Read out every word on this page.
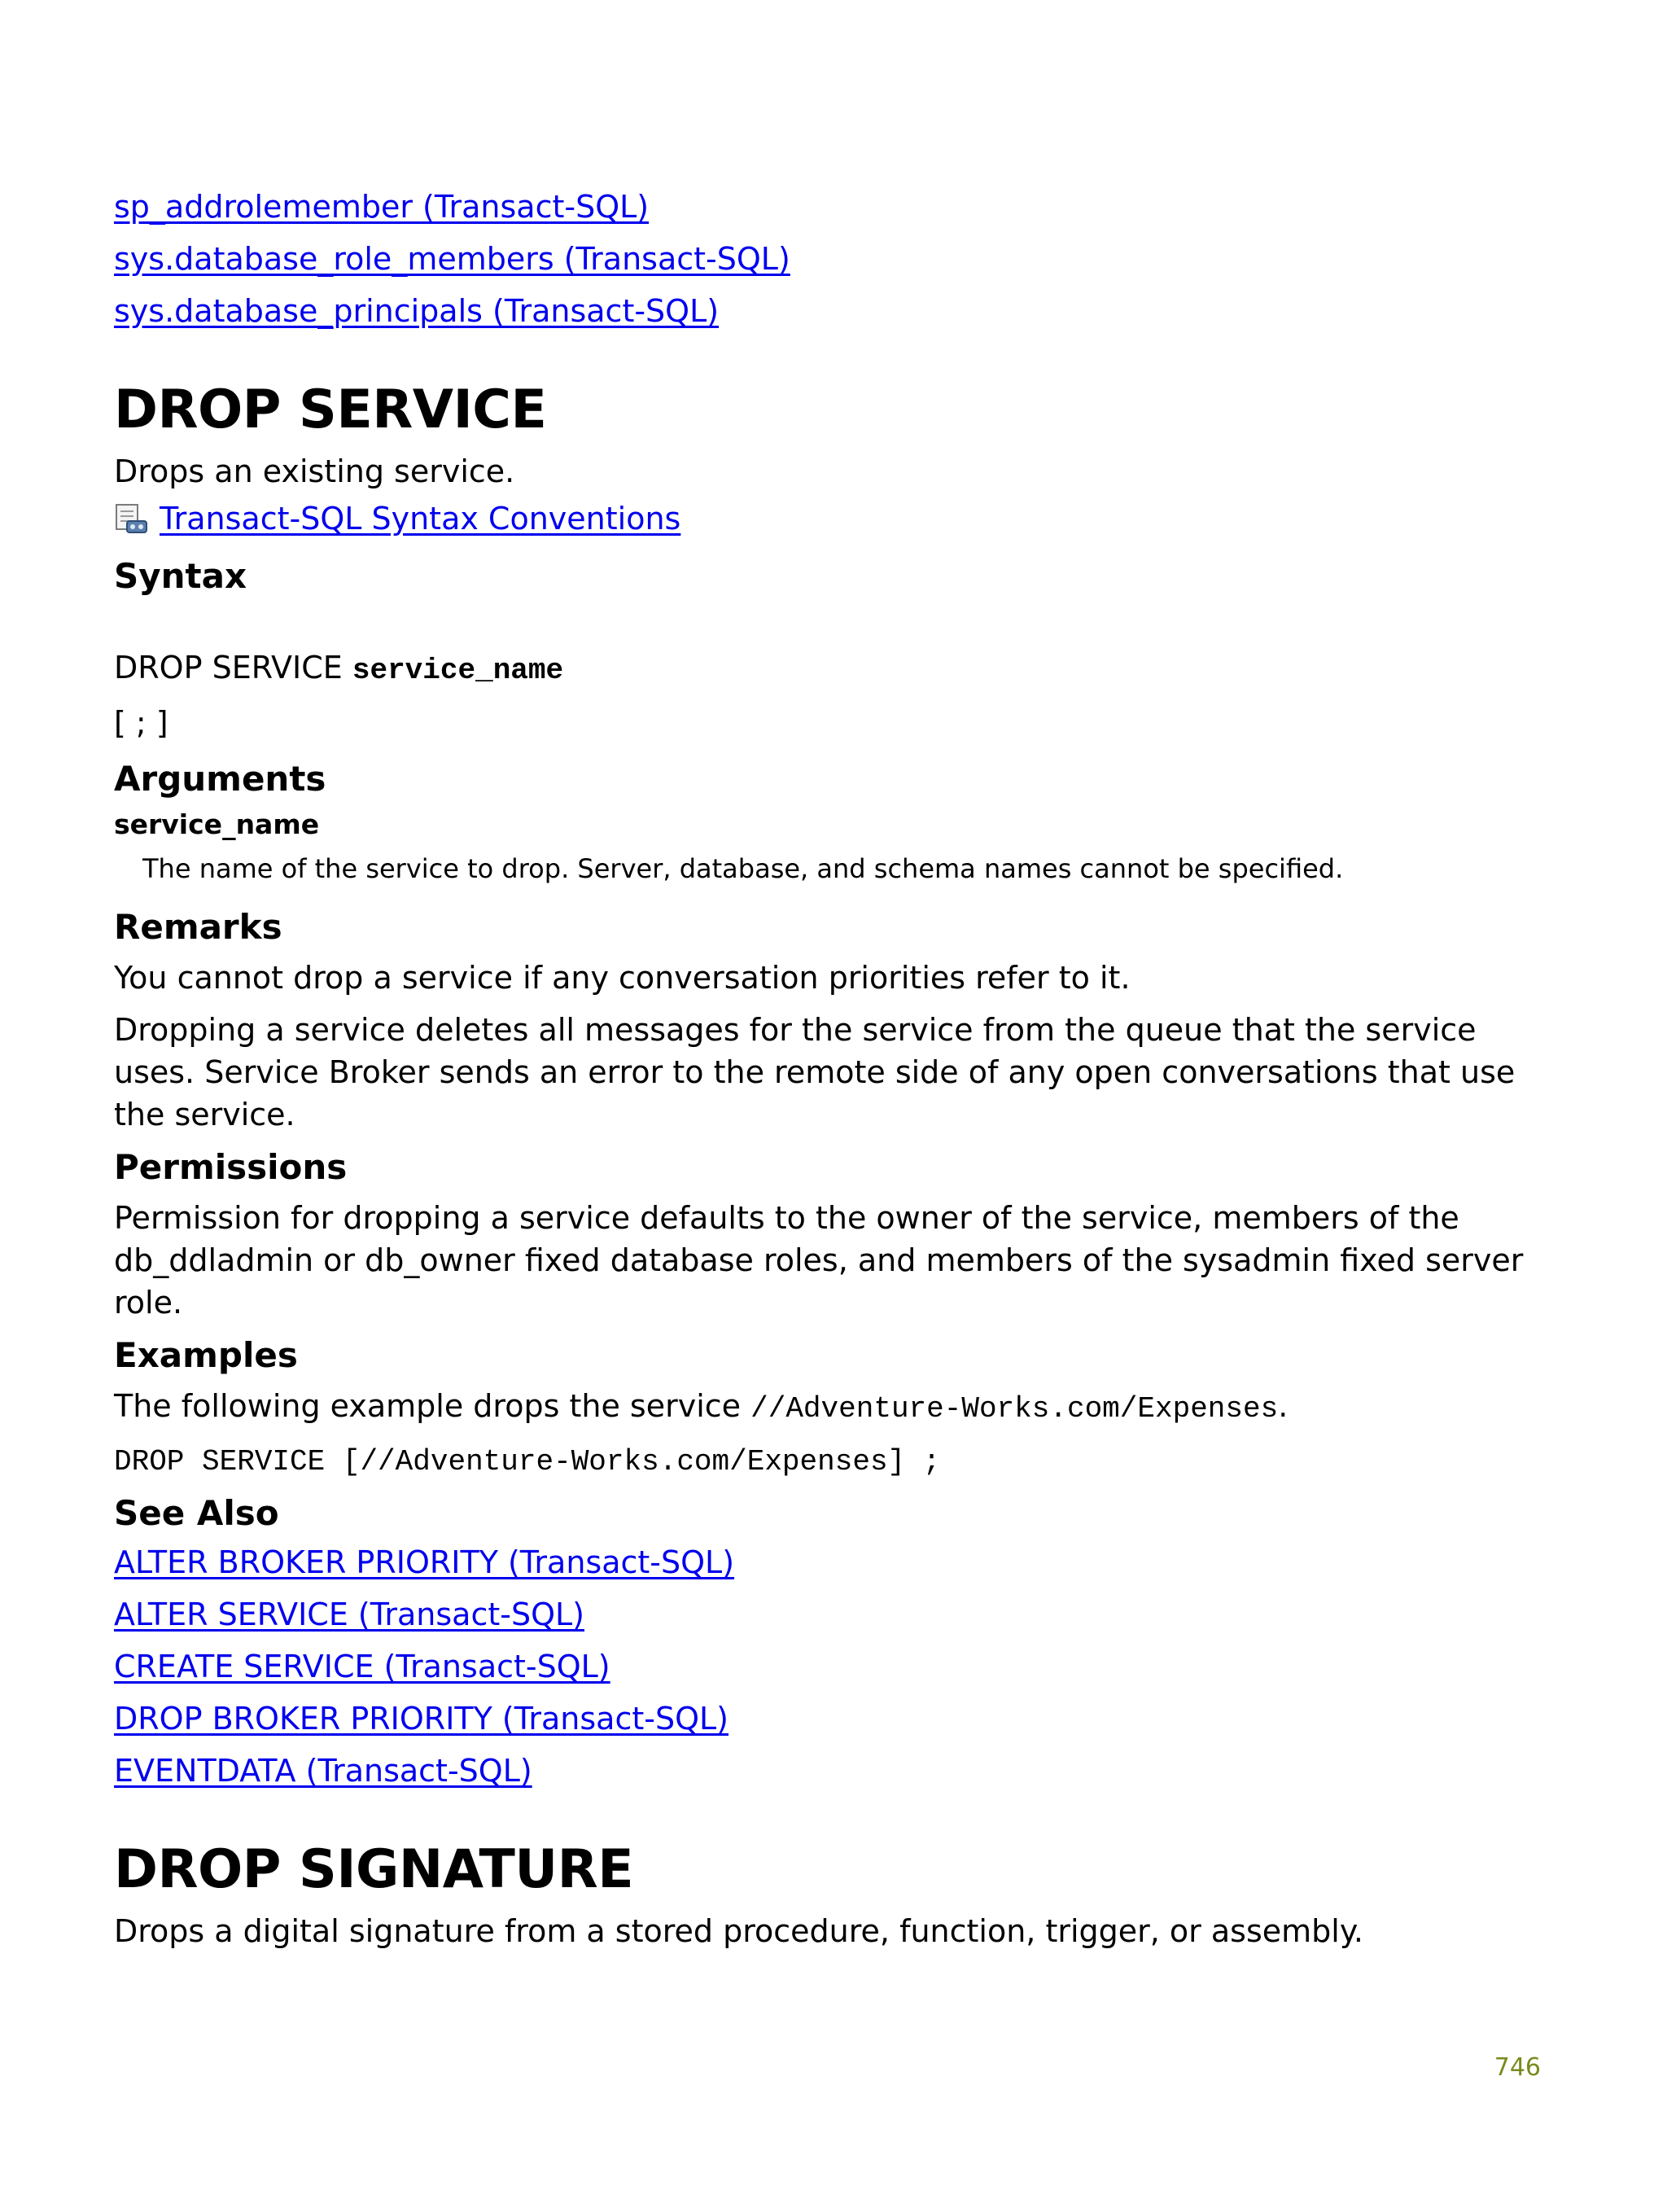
sp_addrolemember (Transact-SQL)
sys.database_role_members (Transact-SQL)
sys.database_principals (Transact-SQL)
DROP SERVICE

Drops an existing service.

Transact-SQL Syntax Conventions
Syntax
DROP SERVICE service_name
[ ; ]
Arguments

service_name

The name of the service to drop. Server, database, and schema names cannot be specified.

Remarks

You cannot drop a service if any conversation priorities refer to it.

Dropping a service deletes all messages for the service from the queue that the service uses. Service Broker sends an error to the remote side of any open conversations that use the service.

Permissions

Permission for dropping a service defaults to the owner of the service, members of the db_ddladmin or db_owner fixed database roles, and members of the sysadmin fixed server role.

Examples

The following example drops the service //Adventure-Works.com/Expenses.

DROP SERVICE [//Adventure-Works.com/Expenses] ;
See Also
ALTER BROKER PRIORITY (Transact-SQL)
ALTER SERVICE (Transact-SQL)
CREATE SERVICE (Transact-SQL)
DROP BROKER PRIORITY (Transact-SQL)
EVENTDATA (Transact-SQL)
DROP SIGNATURE

Drops a digital signature from a stored procedure, function, trigger, or assembly.

746
